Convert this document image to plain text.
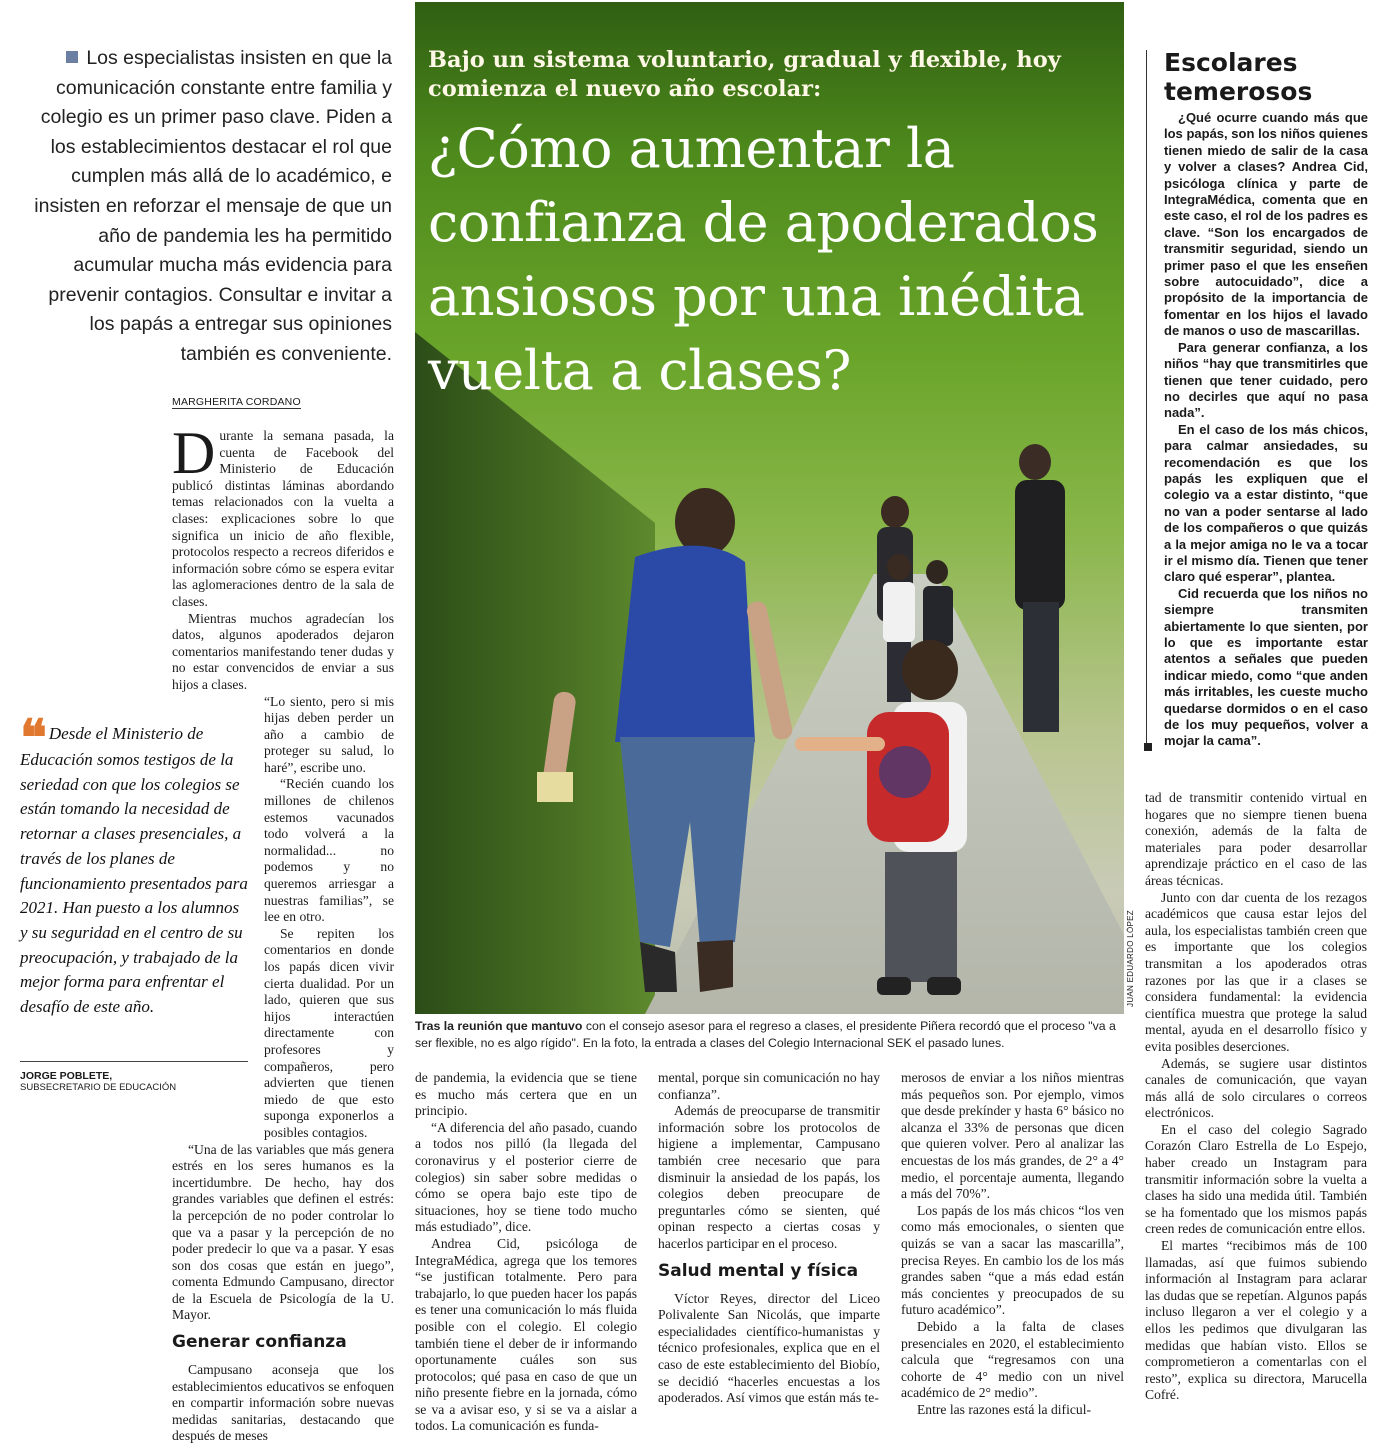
Los especialistas insisten en que la comunicación constante entre familia y colegio es un primer paso clave. Piden a los establecimientos destacar el rol que cumplen más allá de lo académico, e insisten en reforzar el mensaje de que un año de pandemia les ha permitido acumular mucha más evidencia para prevenir contagios. Consultar e invitar a los papás a entregar sus opiniones también es conveniente.
MARGHERITA CORDANO

Durante la semana pasada, la cuenta de Facebook del Ministerio de Educación publicó distintas láminas abordando temas relacionados con la vuelta a clases: explicaciones sobre lo que significa un inicio de año flexible, protocolos respecto a recreos diferidos e información sobre cómo se espera evitar las aglomeraciones dentro de la sala de clases.

Mientras muchos agradecían los datos, algunos apoderados dejaron comentarios manifestando tener dudas y no estar convencidos de enviar a sus hijos a clases.

“Lo siento, pero si mis hijas deben perder un año a cambio de proteger su salud, lo haré”, escribe uno.

“Recién cuando los millones de chilenos estemos vacunados todo volverá a la normalidad... no podemos y no queremos arriesgar a nuestras familias”, se lee en otro.

Se repiten los comentarios en donde los papás dicen vivir cierta dualidad. Por un lado, quieren que sus hijos interactúen directamente con profesores y compañeros, pero advierten que tienen miedo de que esto suponga exponerlos a posibles contagios.

“Una de las variables que más genera estrés en los seres humanos es la incertidumbre. De hecho, hay dos grandes variables que definen el estrés: la percepción de no poder controlar lo que va a pasar y la percepción de no poder predecir lo que va a pasar. Y esas son dos cosas que están en juego”, comenta Edmundo Campusano, director de la Escuela de Psicología de la U. Mayor.

Generar confianza

Campusano aconseja que los establecimientos educativos se enfoquen en compartir información sobre nuevas medidas sanitarias, destacando que después de meses

❝ Desde el Ministerio de Educación somos testigos de la seriedad con que los colegios se están tomando la necesidad de retornar a clases presenciales, a través de los planes de funcionamiento presentados para 2021. Han puesto a los alumnos y su seguridad en el centro de su preocupación, y trabajado de la mejor forma para enfrentar el desafío de este año.
JORGE POBLETE,
SUBSECRETARIO DE EDUCACIÓN
Bajo un sistema voluntario, gradual y flexible, hoy comienza el nuevo año escolar:
¿Cómo aumentar la confianza de apoderados ansiosos por una inédita vuelta a clases?
JUAN EDUARDO LÓPEZ
Tras la reunión que mantuvo con el consejo asesor para el regreso a clases, el presidente Piñera recordó que el proceso "va a ser flexible, no es algo rígido". En la foto, la entrada a clases del Colegio Internacional SEK el pasado lunes.

de pandemia, la evidencia que se tiene es mucho más certera que en un principio.

“A diferencia del año pasado, cuando a todos nos pilló (la llegada del coronavirus y el posterior cierre de colegios) sin saber sobre medidas o cómo se opera bajo este tipo de situaciones, hoy se tiene todo mucho más estudiado”, dice.

Andrea Cid, psicóloga de IntegraMédica, agrega que los temores “se justifican totalmente. Pero para trabajarlo, lo que pueden hacer los papás es tener una comunicación lo más fluida posible con el colegio. El colegio también tiene el deber de ir informando oportunamente cuáles son sus protocolos; qué pasa en caso de que un niño presente fiebre en la jornada, cómo se va a avisar eso, y si se va a aislar a todos. La comunicación es funda-

mental, porque sin comunicación no hay confianza”.

Además de preocuparse de transmitir información sobre los protocolos de higiene a implementar, Campusano también cree necesario que para disminuir la ansiedad de los papás, los colegios deben preocupare de preguntarles cómo se sienten, qué opinan respecto a ciertas cosas y hacerlos participar en el proceso.

Salud mental y física

Víctor Reyes, director del Liceo Polivalente San Nicolás, que imparte especialidades científico-humanistas y técnico profesionales, explica que en el caso de este establecimiento del Biobío, se decidió “hacerles encuestas a los apoderados. Así vimos que están más te-

merosos de enviar a los niños mientras más pequeños son. Por ejemplo, vimos que desde prekínder y hasta 6° básico no alcanza el 33% de personas que dicen que quieren volver. Pero al analizar las encuestas de los más grandes, de 2° a 4° medio, el porcentaje aumenta, llegando a más del 70%”.

Los papás de los más chicos “los ven como más emocionales, o sienten que quizás se van a sacar las mascarilla”, precisa Reyes. En cambio los de los más grandes saben “que a más edad están más concientes y preocupados de su futuro académico”.

Debido a la falta de clases presenciales en 2020, el establecimiento calcula que “regresamos con una cohorte de 4° medio con un nivel académico de 2° medio”.

Entre las razones está la dificul-

tad de transmitir contenido virtual en hogares que no siempre tienen buena conexión, además de la falta de materiales para poder desarrollar aprendizaje práctico en el caso de las áreas técnicas.

Junto con dar cuenta de los rezagos académicos que causa estar lejos del aula, los especialistas también creen que es importante que los colegios transmitan a los apoderados otras razones por las que ir a clases se considera fundamental: la evidencia científica muestra que protege la salud mental, ayuda en el desarrollo físico y evita posibles deserciones.

Además, se sugiere usar distintos canales de comunicación, que vayan más allá de solo circulares o correos electrónicos.

En el caso del colegio Sagrado Corazón Claro Estrella de Lo Espejo, haber creado un Instagram para transmitir información sobre la vuelta a clases ha sido una medida útil. También se ha fomentado que los mismos papás creen redes de comunicación entre ellos.

El martes “recibimos más de 100 llamadas, así que fuimos subiendo información al Instagram para aclarar las dudas que se repetían. Algunos papás incluso llegaron a ver el colegio y a ellos les pedimos que divulgaran las medidas que habían visto. Ellos se comprometieron a comentarlas con el resto”, explica su directora, Marucella Cofré.

Escolares temerosos

¿Qué ocurre cuando más que los papás, son los niños quienes tienen miedo de salir de la casa y volver a clases? Andrea Cid, psicóloga clínica y parte de IntegraMédica, comenta que en este caso, el rol de los padres es clave. “Son los encargados de transmitir seguridad, siendo un primer paso el que les enseñen sobre autocuidado”, dice a propósito de la importancia de fomentar en los hijos el lavado de manos o uso de mascarillas.

Para generar confianza, a los niños “hay que transmitirles que tienen que tener cuidado, pero no decirles que aquí no pasa nada”.

En el caso de los más chicos, para calmar ansiedades, su recomendación es que los papás les expliquen que el colegio va a estar distinto, “que no van a poder sentarse al lado de los compañeros o que quizás a la mejor amiga no le va a tocar ir el mismo día. Tienen que tener claro qué esperar”, plantea.

Cid recuerda que los niños no siempre transmiten abiertamente lo que sienten, por lo que es importante estar atentos a señales que pueden indicar miedo, como “que anden más irritables, les cueste mucho quedarse dormidos o en el caso de los muy pequeños, volver a mojar la cama”.
